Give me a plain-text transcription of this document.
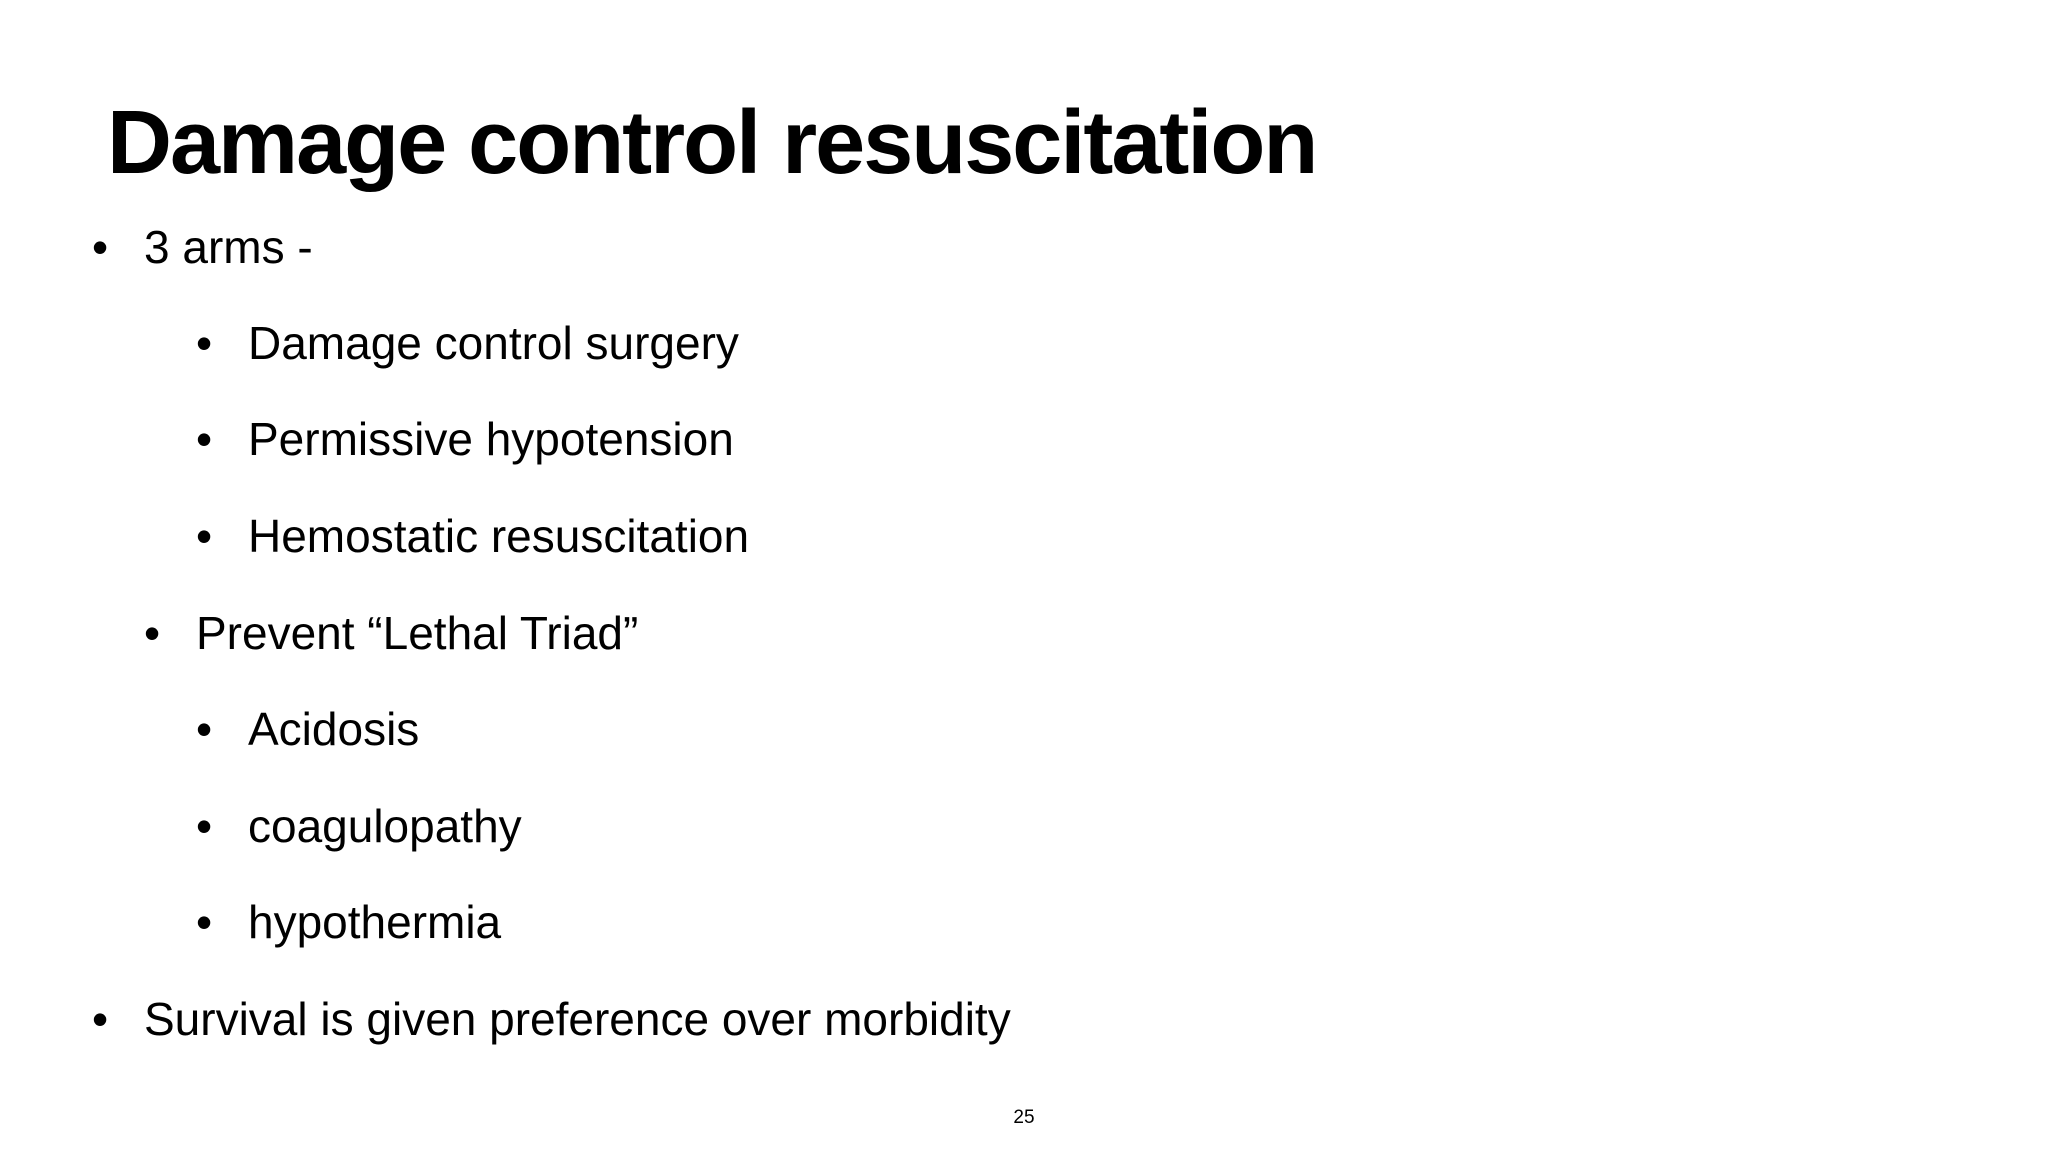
Damage control resuscitation
• 3 arms -
• Damage control surgery
• Permissive hypotension
• Hemostatic resuscitation
• Prevent “Lethal Triad”
• Acidosis
• coagulopathy
• hypothermia
• Survival is given preference over morbidity
25
